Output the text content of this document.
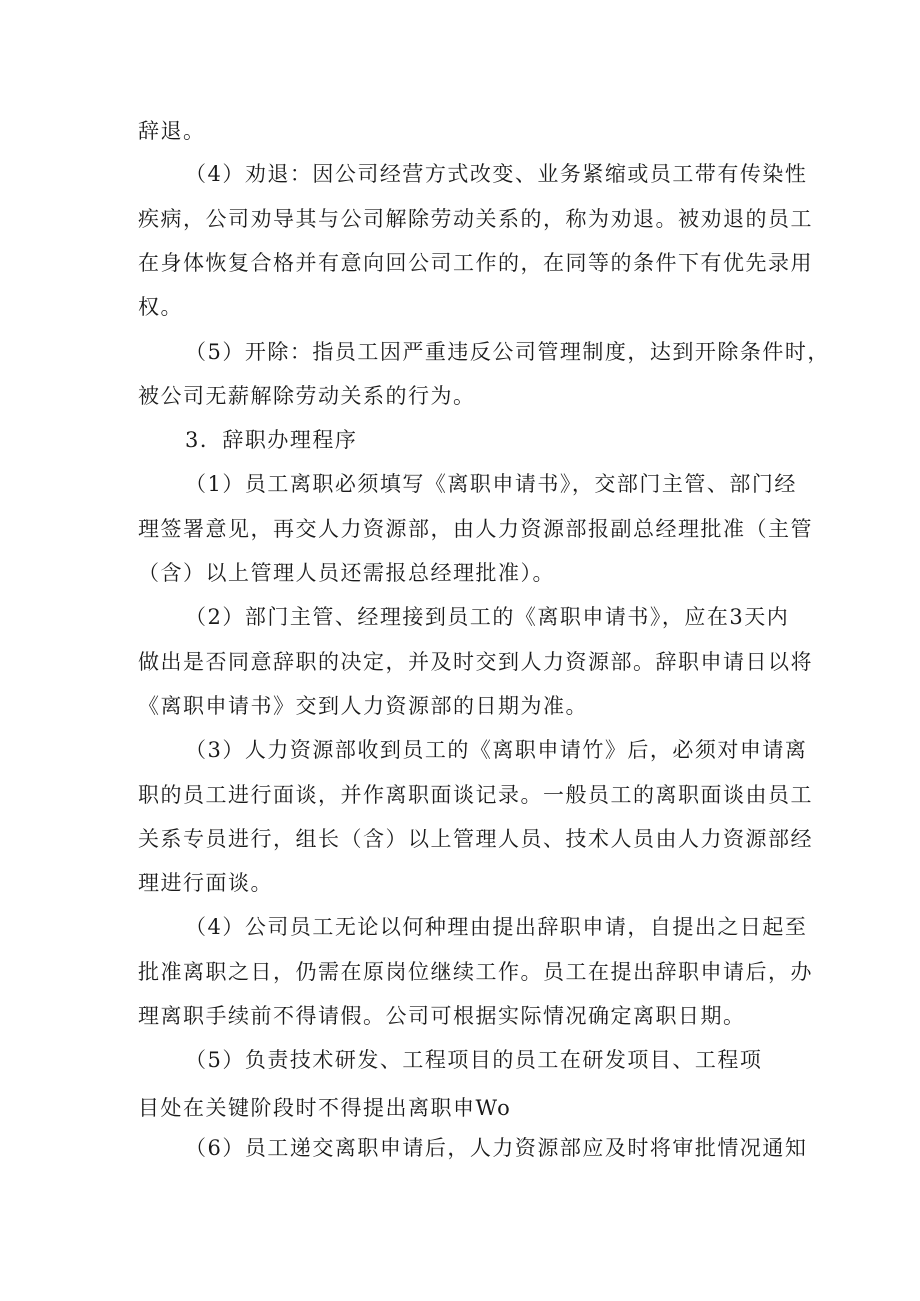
辞退。
（4）劝退：因公司经营方式改变、业务紧缩或员工带有传染性
疾病，公司劝导其与公司解除劳动关系的，称为劝退。被劝退的员工
在身体恢复合格并有意向回公司工作的，在同等的条件下有优先录用
权。
（5）开除：指员工因严重违反公司管理制度，达到开除条件时，
被公司无薪解除劳动关系的行为。
3．辞职办理程序
（1）员工离职必须填写《离职申请书》，交部门主管、部门经
理签署意见，再交人力资源部，由人力资源部报副总经理批准（主管
（含）以上管理人员还需报总经理批准）。
（2）部门主管、经理接到员工的《离职申请书》，应在3天内
做出是否同意辞职的决定，并及时交到人力资源部。辞职申请日以将
《离职申请书》交到人力资源部的日期为准。
（3）人力资源部收到员工的《离职申请竹》后，必须对申请离
职的员工进行面谈，并作离职面谈记录。一般员工的离职面谈由员工
关系专员进行，组长（含）以上管理人员、技术人员由人力资源部经
理进行面谈。
（4）公司员工无论以何种理由提出辞职申请，自提出之日起至
批准离职之日，仍需在原岗位继续工作。员工在提出辞职申请后，办
理离职手续前不得请假。公司可根据实际情况确定离职日期。
（5）负责技术研发、工程项目的员工在研发项目、工程项
目处在关键阶段时不得提出离职申Wo
（6）员工递交离职申请后，人力资源部应及时将审批情况通知
